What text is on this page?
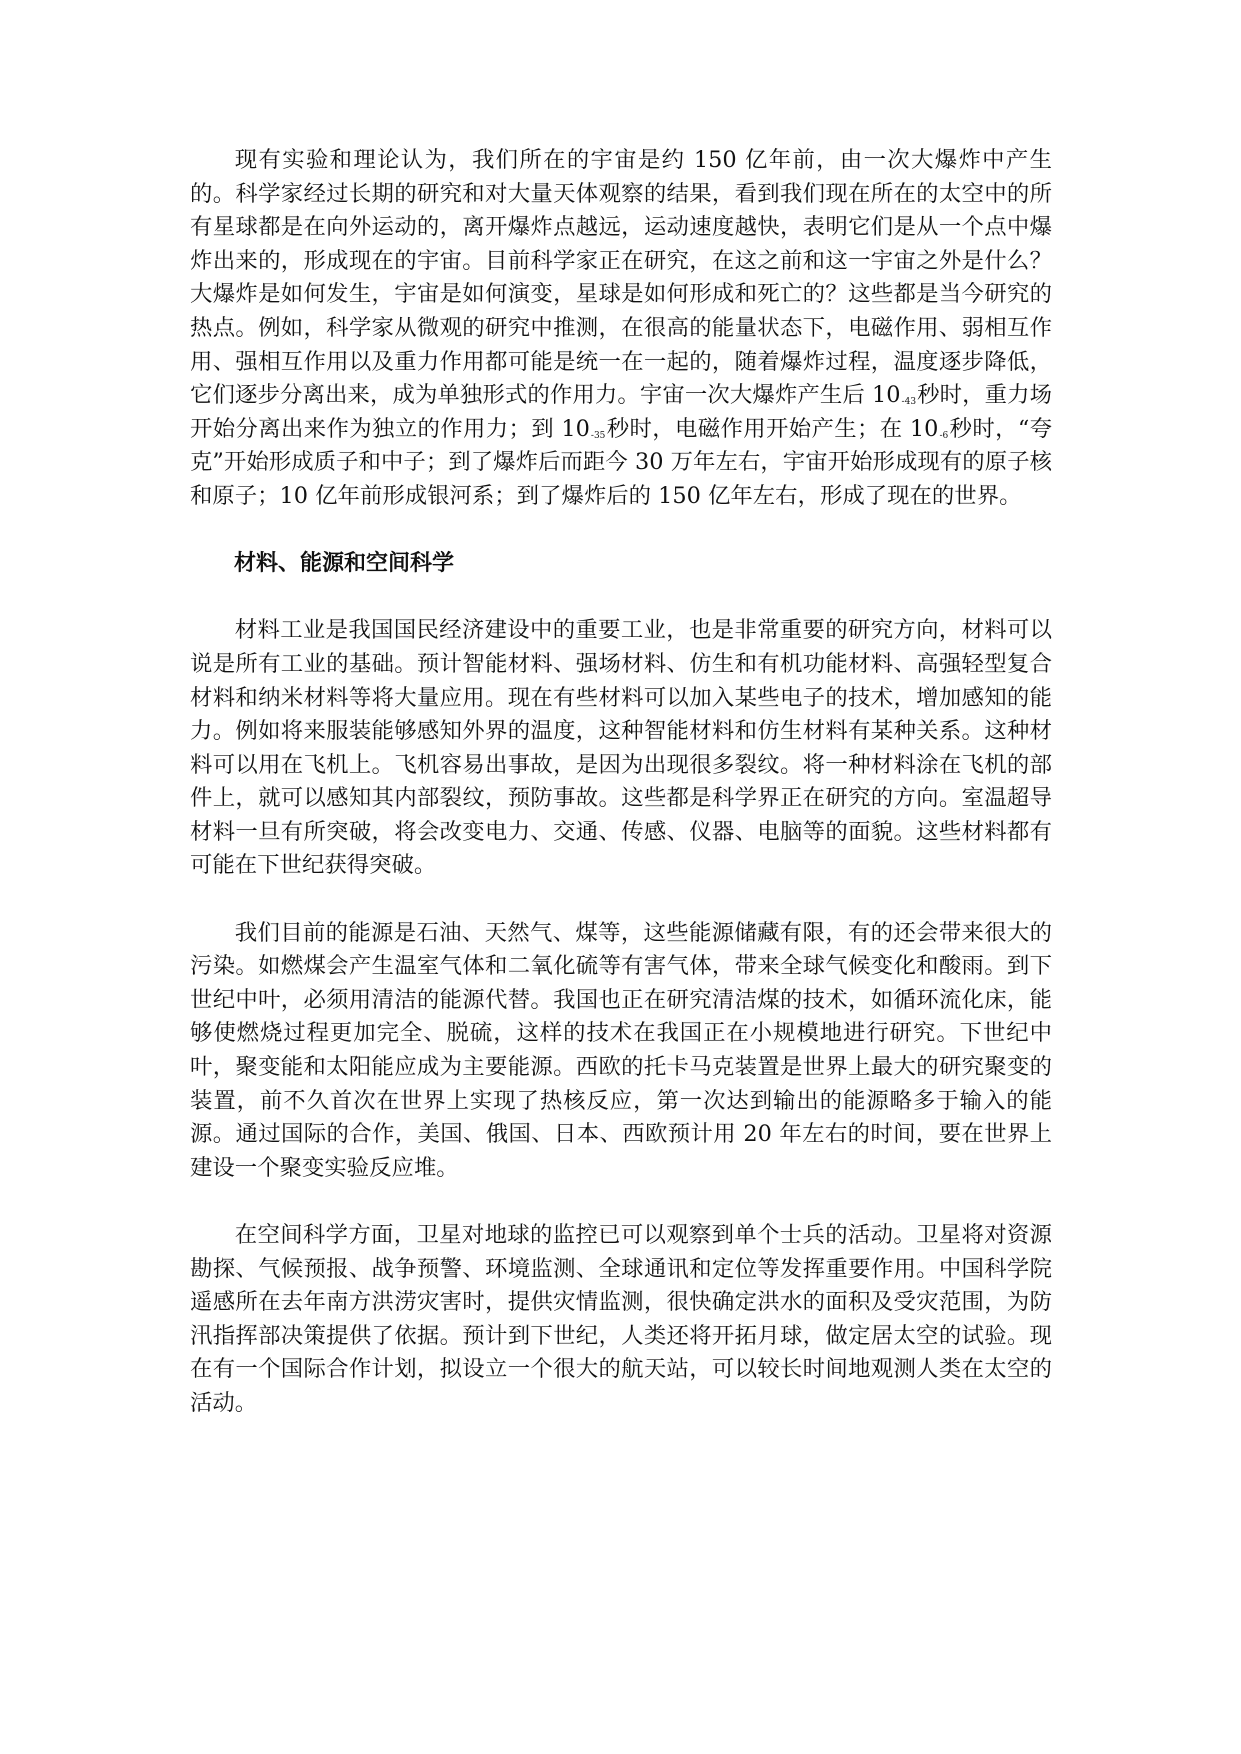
现有实验和理论认为，我们所在的宇宙是约 150 亿年前，由一次大爆炸中产生的。科学家经过长期的研究和对大量天体观察的结果，看到我们现在所在的太空中的所有星球都是在向外运动的，离开爆炸点越远，运动速度越快，表明它们是从一个点中爆炸出来的，形成现在的宇宙。目前科学家正在研究，在这之前和这一宇宙之外是什么？大爆炸是如何发生，宇宙是如何演变，星球是如何形成和死亡的？这些都是当今研究的热点。例如，科学家从微观的研究中推测，在很高的能量状态下，电磁作用、弱相互作用、强相互作用以及重力作用都可能是统一在一起的，随着爆炸过程，温度逐步降低，它们逐步分离出来，成为单独形式的作用力。宇宙一次大爆炸产生后 $10^{-43}$秒时，重力场开始分离出来作为独立的作用力；到 $10^{-35}$秒时，电磁作用开始产生；在 $10^{-6}$秒时，“夸克”开始形成质子和中子；到了爆炸后而距今 30 万年左右，宇宙开始形成现有的原子核和原子；10 亿年前形成银河系；到了爆炸后的 150 亿年左右，形成了现在的世界。

材料、能源和空间科学

材料工业是我国国民经济建设中的重要工业，也是非常重要的研究方向，材料可以说是所有工业的基础。预计智能材料、强场材料、仿生和有机功能材料、高强轻型复合材料和纳米材料等将大量应用。现在有些材料可以加入某些电子的技术，增加感知的能力。例如将来服装能够感知外界的温度，这种智能材料和仿生材料有某种关系。这种材料可以用在飞机上。飞机容易出事故，是因为出现很多裂纹。将一种材料涂在飞机的部件上，就可以感知其内部裂纹，预防事故。这些都是科学界正在研究的方向。室温超导材料一旦有所突破，将会改变电力、交通、传感、仪器、电脑等的面貌。这些材料都有可能在下世纪获得突破。

我们目前的能源是石油、天然气、煤等，这些能源储藏有限，有的还会带来很大的污染。如燃煤会产生温室气体和二氧化硫等有害气体，带来全球气候变化和酸雨。到下世纪中叶，必须用清洁的能源代替。我国也正在研究清洁煤的技术，如循环流化床，能够使燃烧过程更加完全、脱硫，这样的技术在我国正在小规模地进行研究。下世纪中叶，聚变能和太阳能应成为主要能源。西欧的托卡马克装置是世界上最大的研究聚变的装置，前不久首次在世界上实现了热核反应，第一次达到输出的能源略多于输入的能源。通过国际的合作，美国、俄国、日本、西欧预计用 20 年左右的时间，要在世界上建设一个聚变实验反应堆。

在空间科学方面，卫星对地球的监控已可以观察到单个士兵的活动。卫星将对资源勘探、气候预报、战争预警、环境监测、全球通讯和定位等发挥重要作用。中国科学院遥感所在去年南方洪涝灾害时，提供灾情监测，很快确定洪水的面积及受灾范围，为防汛指挥部决策提供了依据。预计到下世纪，人类还将开拓月球，做定居太空的试验。现在有一个国际合作计划，拟设立一个很大的航天站，可以较长时间地观测人类在太空的活动。
